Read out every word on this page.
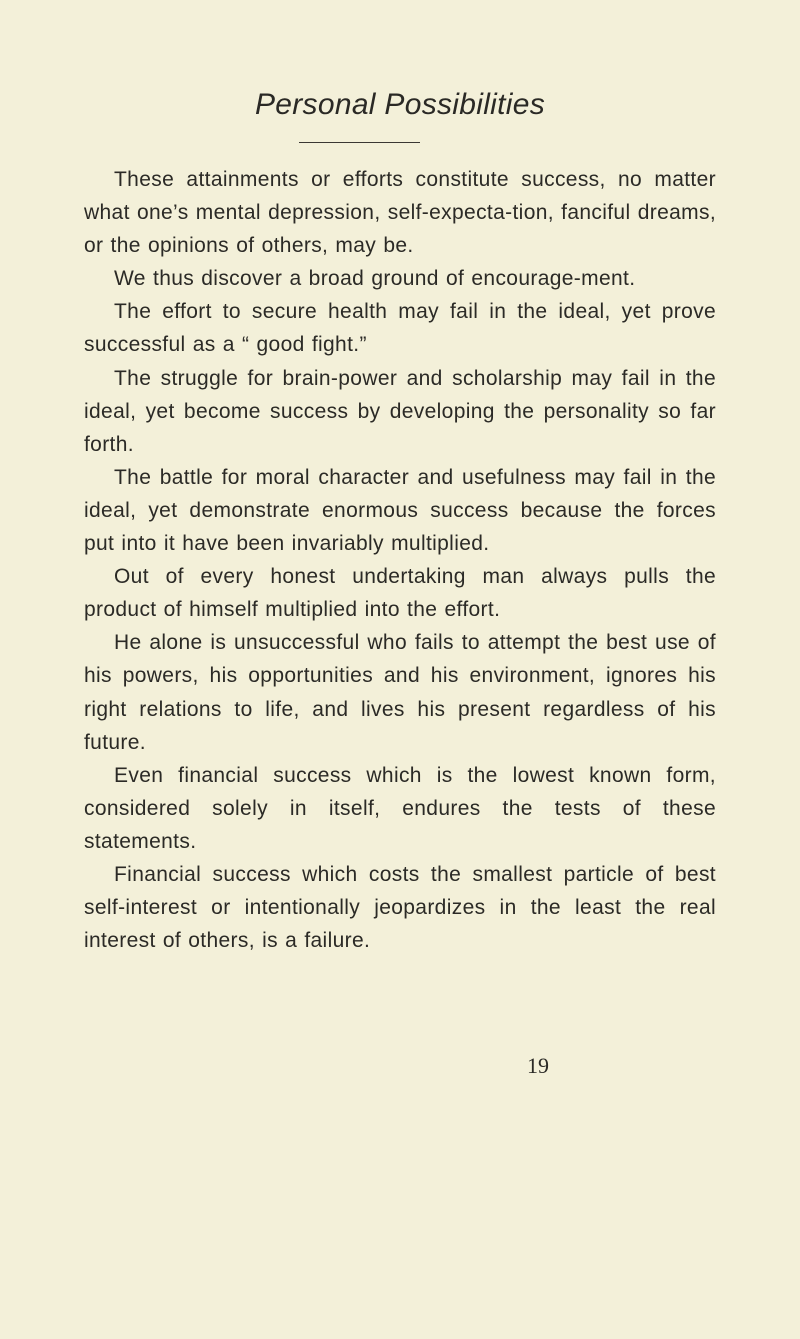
Personal Possibilities

These attainments or efforts constitute success, no matter what one’s mental depression, self-expecta-tion, fanciful dreams, or the opinions of others, may be.

We thus discover a broad ground of encourage-ment.

The effort to secure health may fail in the ideal, yet prove successful as a “ good fight.”

The struggle for brain-power and scholarship may fail in the ideal, yet become success by developing the personality so far forth.

The battle for moral character and usefulness may fail in the ideal, yet demonstrate enormous success because the forces put into it have been invariably multiplied.

Out of every honest undertaking man always pulls the product of himself multiplied into the effort.

He alone is unsuccessful who fails to attempt the best use of his powers, his opportunities and his environment, ignores his right relations to life, and lives his present regardless of his future.

Even financial success which is the lowest known form, considered solely in itself, endures the tests of these statements.

Financial success which costs the smallest particle of best self-interest or intentionally jeopardizes in the least the real interest of others, is a failure.

19
